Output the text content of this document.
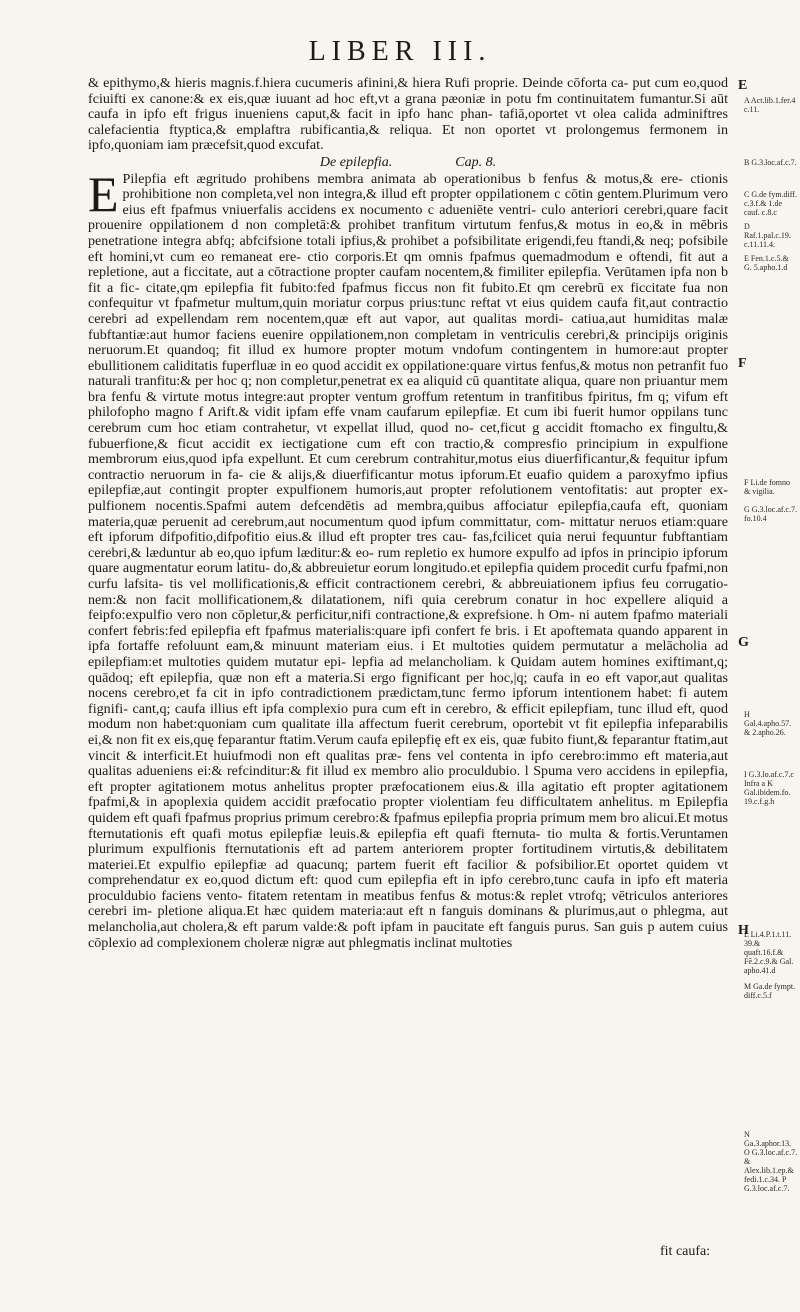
LIBER III.

& epithymo,& hieris magnis.f.hiera cucumeris afinini,& hiera Rufi proprie. Deinde cōforta ca- put cum eo,quod fciuifti ex canone:& ex eis,quæ iuuant ad hoc eft,vt a grana pæoniæ in potu fm continuitatem fumantur.Si aūt caufa in ipfo eft frigus inueniens caput,& facit in ipfo hanc phan- tafiā,oportet vt olea calida adminiftres calefacientia ftyptica,& emplaftra rubificantia,& reliqua. Et non oportet vt prolongemus fermonem in ipfo,quoniam iam præcefsit,quod excufat.

De epilepfia.	Cap. 8.

E Pilepfia eft ægritudo prohibens membra animata ab operationibus b fenfus & motus,& ere- ctionis prohibitione non completa,vel non integra,& illud eft propter oppilationem c cōtin gentem.Plurimum vero eius eft fpafmus vniuerfalis accidens ex nocumento c adueniēte ventri- culo anteriori cerebri,quare facit prouenire oppilationem d non completā:& prohibet tranfitum virtutum fenfus,& motus in eo,& in mēbris penetratione integra abfq; abfcifsione totali ipfius,& prohibet a pofsibilitate erigendi,feu ftandi,& neq; pofsibile eft homini,vt cum eo remaneat ere- ctio corporis.Et qm omnis fpafmus quemadmodum e oftendi, fit aut a repletione, aut a ficcitate, aut a cōtractione propter caufam nocentem,& fimiliter epilepfia. Verūtamen ipfa non b fit a fic- citate,qm epilepfia fit fubito:fed fpafmus ficcus non fit fubito.Et qm cerebrū ex ficcitate fua non confequitur vt fpafmetur multum,quin moriatur corpus prius:tunc reftat vt eius quidem caufa fit,aut contractio cerebri ad expellendam rem nocentem,quæ eft aut vapor, aut qualitas mordi- catiua,aut humiditas malæ fubftantiæ:aut humor faciens euenire oppilationem,non completam in ventriculis cerebri,& principijs originis neruorum.Et quandoq; fit illud ex humore propter motum vndofum contingentem in humore:aut propter ebullitionem caliditatis fuperfluæ in eo quod accidit ex oppilatione:quare virtus fenfus,& motus non petranfit fuo naturali tranfitu:& per hoc q; non completur,penetrat ex ea aliquid cū quantitate aliqua, quare non priuantur mem bra fenfu & virtute motus integre:aut propter ventum groffum retentum in tranfitibus fpiritus, fm q; vifum eft philofopho magno f Arift.& vidit ipfam effe vnam caufarum epilepfiæ. Et cum ibi fuerit humor oppilans tunc cerebrum cum hoc etiam contrahetur, vt expellat illud, quod no- cet,ficut g accidit ftomacho ex fingultu,& fubuerfione,& ficut accidit ex iectigatione cum eft con tractio,& compresfio principium in expulfione membrorum eius,quod ipfa expellunt. Et cum cerebrum contrahitur,motus eius diuerfificantur,& fequitur ipfum contractio neruorum in fa- cie & alijs,& diuerfificantur motus ipforum.Et euafio quidem a paroxyfmo ipfius epilepfiæ,aut contingit propter expulfionem humoris,aut propter refolutionem ventofitatis: aut propter ex- pulfionem nocentis.Spafmi autem defcendētis ad membra,quibus affociatur epilepfia,caufa eft, quoniam materia,quæ peruenit ad cerebrum,aut nocumentum quod ipfum committatur, com- mittatur neruos etiam:quare eft ipforum difpofitio,difpofitio eius.& illud eft propter tres cau- fas,fcilicet quia nerui fequuntur fubftantiam cerebri,& læduntur ab eo,quo ipfum læditur:& eo- rum repletio ex humore expulfo ad ipfos in principio ipforum quare augmentatur eorum latitu- do,& abbreuietur eorum longitudo.et epilepfia quidem procedit curfu fpafmi,non curfu lafsita- tis vel mollificationis,& efficit contractionem cerebri, & abbreuiationem ipfius feu corrugatio- nem:& non facit mollificationem,& dilatationem, nifi quia cerebrum conatur in hoc expellere aliquid a feipfo:expulfio vero non cōpletur,& perficitur,nifi contractione,& exprefsione. h Om- ni autem fpafmo materiali confert febris:fed epilepfia eft fpafmus materialis:quare ipfi confert fe bris. i Et apoftemata quando apparent in ipfa fortaffe refoluunt eam,& minuunt materiam eius. i Et multoties quidem permutatur a melācholia ad epilepfiam:et multoties quidem mutatur epi- lepfia ad melancholiam. k Quidam autem homines exiftimant,q; quādoq; eft epilepfia, quæ non eft a materia.Si ergo fignificant per hoc,|q; caufa in eo eft vapor,aut qualitas nocens cerebro,et fa cit in ipfo contradictionem prædictam,tunc fermo ipforum intentionem habet: fi autem fignifi- cant,q; caufa illius eft ipfa complexio pura cum eft in cerebro, & efficit epilepfiam, tunc illud eft, quod modum non habet:quoniam cum qualitate illa affectum fuerit cerebrum, oportebit vt fit epilepfia infeparabilis ei,& non fit ex eis,quę feparantur ftatim.Verum caufa epilepfię eft ex eis, quæ fubito fiunt,& feparantur ftatim,aut vincit & interficit.Et huiufmodi non eft qualitas præ- fens vel contenta in ipfo cerebro:immo eft materia,aut qualitas adueniens ei:& refcinditur:& fit illud ex membro alio proculdubio. l Spuma vero accidens in epilepfia, eft propter agitationem motus anhelitus propter præfocationem eius.& illa agitatio eft propter agitationem fpafmi,& in apoplexia quidem accidit præfocatio propter violentiam feu difficultatem anhelitus. m Epilepfia quidem eft quafi fpafmus proprius primum cerebro:& fpafmus epilepfia propria primum mem bro alicui.Et motus fternutationis eft quafi motus epilepfiæ leuis.& epilepfia eft quafi fternuta- tio multa & fortis.Veruntamen plurimum expulfionis fternutationis eft ad partem anteriorem propter fortitudinem virtutis,& debilitatem materiei.Et expulfio epilepfiæ ad quacunq; partem fuerit eft facilior & pofsibilior.Et oportet quidem vt comprehendatur ex eo,quod dictum eft: quod cum epilepfia eft in ipfo cerebro,tunc caufa in ipfo eft materia proculdubio faciens vento- fitatem retentam in meatibus fenfus & motus:& replet vtrofq; vētriculos anteriores cerebri im- pletione aliqua.Et hæc quidem materia:aut eft n fanguis dominans & plurimus,aut o phlegma, aut melancholia,aut cholera,& eft parum valde:& poft ipfam in paucitate eft fanguis purus. San guis p autem cuius cōplexio ad complexionem choleræ nigræ aut phlegmatis inclinat multoties

E
F
G
H
A Act.lib.1.fer.4 c.11.
B G.3.loc.af.c.7.
C G.de fym.diff. c.3.f.& 1.de cauf. c.8.c
D Raf.1.pal.c.19. c.11.11.4.
E Fen.1.c.5.& G. 5.apho.1.d
F Li.de fomno & vigilia.
G G.3.loc.af.c.7. fo.10.4
H Gal.4.apho.57. & 2.apho.26.
I G.3.lo.af.c.7.c Infra a K Gal.ibidem.fo. 19.c.f.g.h
L Li.4.P.1.t.11. 39.& quaft.16.f.& Fē.2.c.9.& Gal. apho.41.d
M Ga.de fympt. diff.c.5.f
N Ga.3.aphor.13. O G.3.loc.af.c.7. & Alex.lib.1.ep.& fedi.1.c.34. P G.3.loc.af.c.7.
fit caufa:
